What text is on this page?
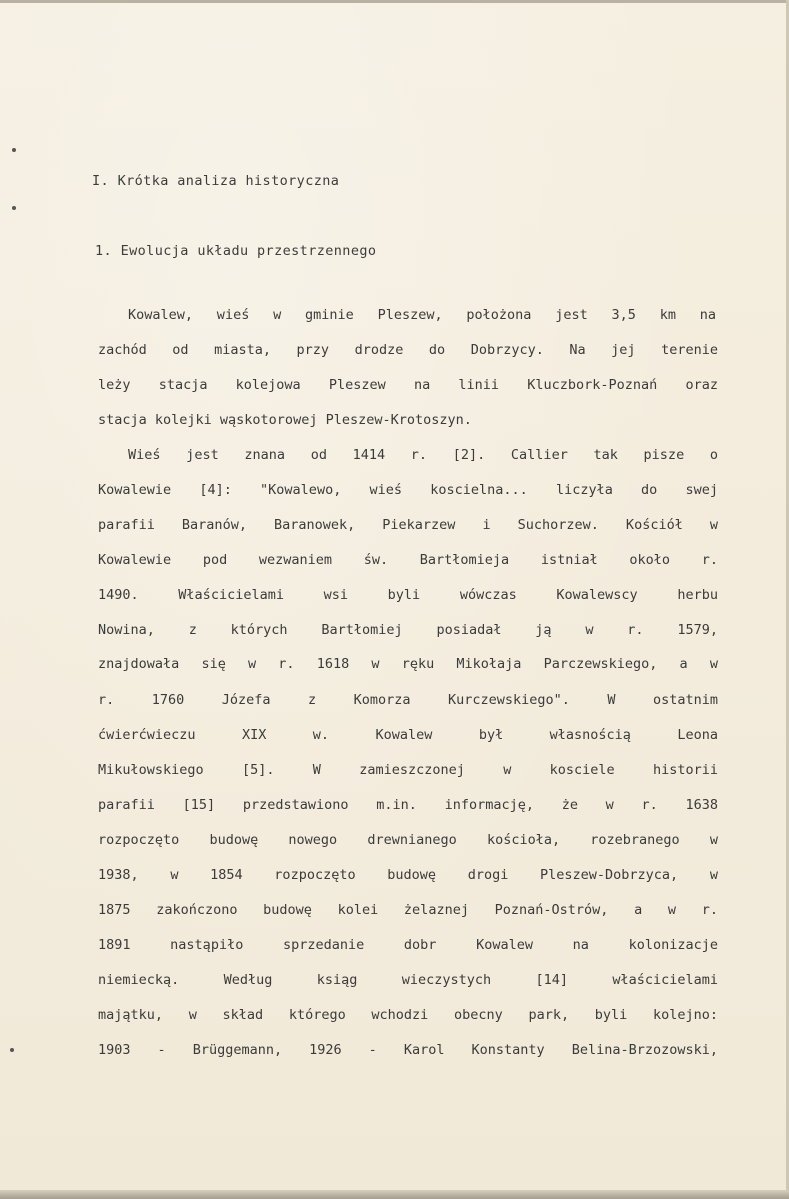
I. Krótka analiza historyczna
1. Ewolucja układu przestrzennego
Kowalew, wieś w gminie Pleszew, położona jest 3,5 km na
zachód od miasta, przy drodze do Dobrzycy. Na jej terenie
leży stacja kolejowa Pleszew na linii Kluczbork-Poznań oraz
stacja kolejki wąskotorowej Pleszew-Krotoszyn.
Wieś jest znana od 1414 r. [2]. Callier tak pisze o
Kowalewie [4]: "Kowalewo, wieś koscielna... liczyła do swej
parafii Baranów, Baranowek, Piekarzew i Suchorzew. Kościół w
Kowalewie pod wezwaniem św. Bartłomieja istniał około r.
1490. Właścicielami wsi byli wówczas Kowalewscy herbu
Nowina, z których Bartłomiej posiadał ją w r. 1579,
znajdowała się w r. 1618 w ręku Mikołaja Parczewskiego, a w
r. 1760 Józefa z Komorza Kurczewskiego". W ostatnim
ćwierćwieczu XIX w. Kowalew był własnością Leona
Mikułowskiego [5]. W zamieszczonej w kosciele historii
parafii [15] przedstawiono m.in. informację, że w r. 1638
rozpoczęto budowę nowego drewnianego kościoła, rozebranego w
1938, w 1854 rozpoczęto budowę drogi Pleszew-Dobrzyca, w
1875 zakończono budowę kolei żelaznej Poznań-Ostrów, a w r.
1891 nastąpiło sprzedanie dobr Kowalew na kolonizacje
niemiecką. Według ksiąg wieczystych [14] właścicielami
majątku, w skład którego wchodzi obecny park, byli kolejno:
1903 - Brüggemann, 1926 - Karol Konstanty Belina-Brzozowski,
